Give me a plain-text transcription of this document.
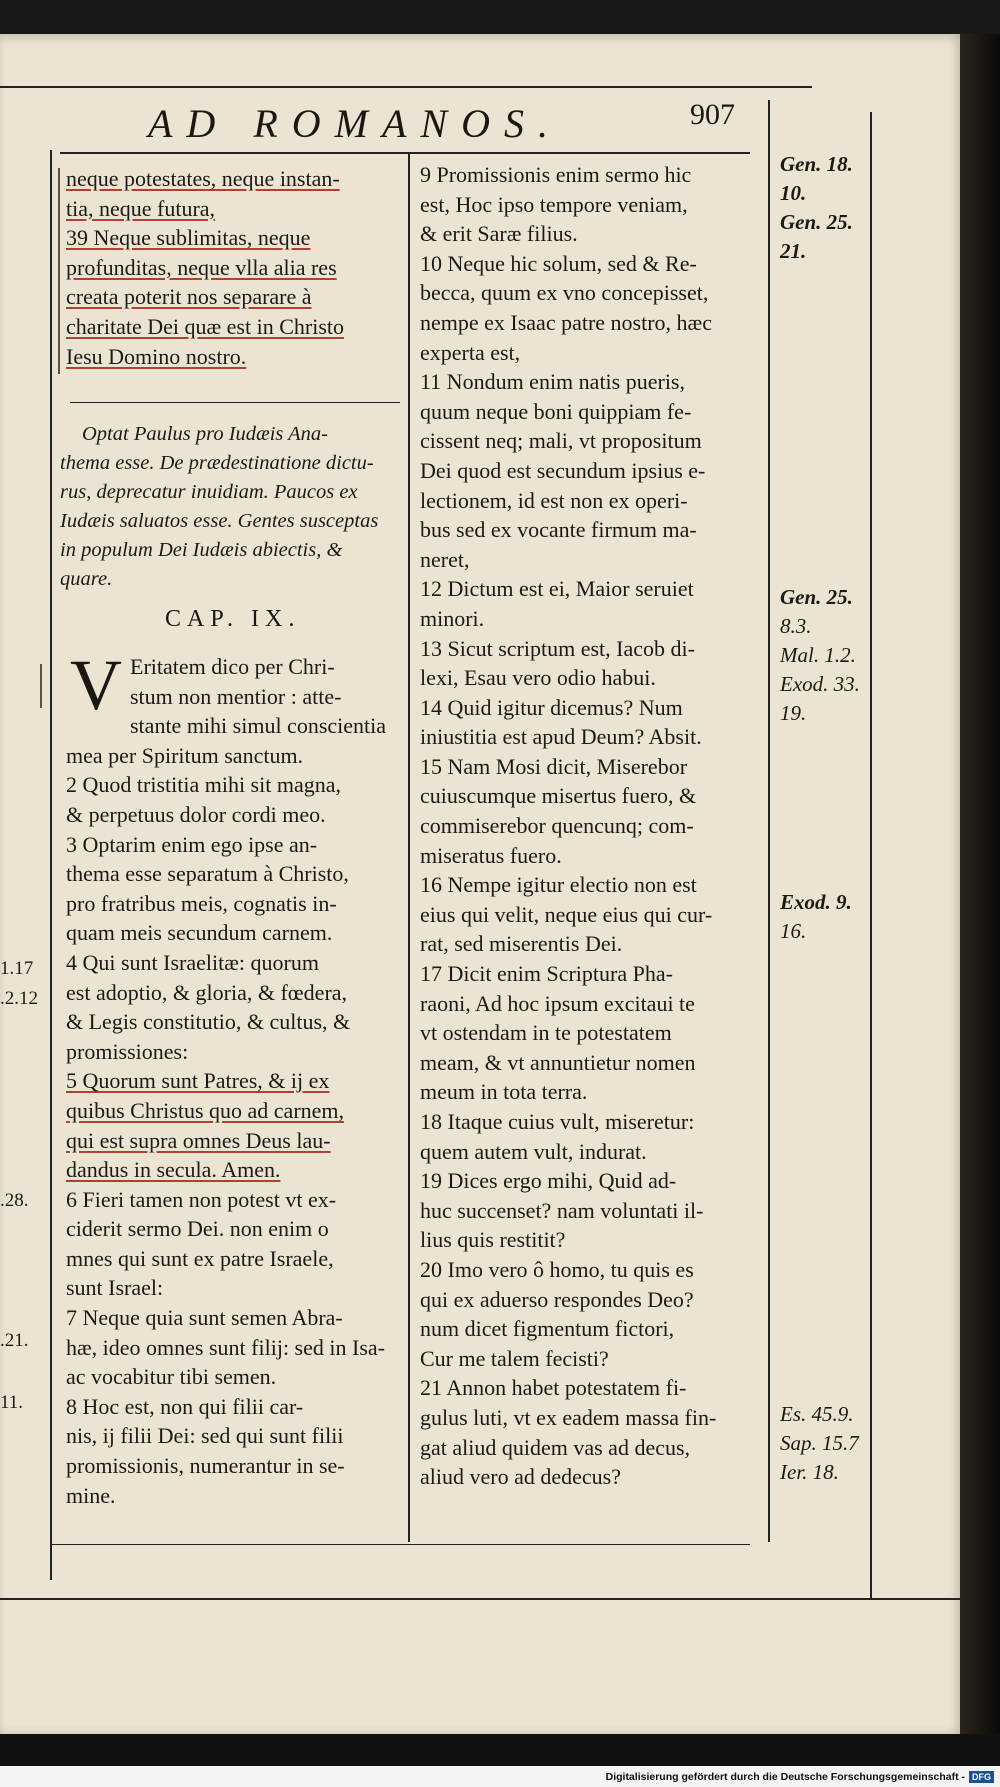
AD ROMANOS.	907

neque potestates, neque instan-

tia, neque futura,

39 Neque sublimitas, neque

profunditas, neque vlla alia res

creata poterit nos separare à

charitate Dei quæ est in Christo

Iesu Domino nostro.

Optat Paulus pro Iudæis Ana-

thema esse. De prædestinatione dictu-

rus, deprecatur inuidiam. Paucos ex

Iudæis saluatos esse. Gentes susceptas

in populum Dei Iudæis abiectis, &

quare.

CAP. IX.
V Eritatem dico per Chri-

stum non mentior : atte-

stante mihi simul conscientia

mea per Spiritum sanctum.

2 Quod tristitia mihi sit magna,

& perpetuus dolor cordi meo.

3 Optarim enim ego ipse an-

thema esse separatum à Christo,

pro fratribus meis, cognatis in-

quam meis secundum carnem.

4 Qui sunt Israelitæ: quorum

est adoptio, & gloria, & fœdera,

& Legis constitutio, & cultus, &

promissiones:

5 Quorum sunt Patres, & ij ex

quibus Christus quo ad carnem,

qui est supra omnes Deus lau-

dandus in secula. Amen.

6 Fieri tamen non potest vt ex-

ciderit sermo Dei. non enim o

mnes qui sunt ex patre Israele,

sunt Israel:

7 Neque quia sunt semen Abra-

hæ, ideo omnes sunt filij: sed in Isa-

ac vocabitur tibi semen.

8 Hoc est, non qui filii car-

nis, ij filii Dei: sed qui sunt filii

promissionis, numerantur in se-

mine.

9 Promissionis enim sermo hic

est, Hoc ipso tempore veniam,

& erit Saræ filius.

10 Neque hic solum, sed & Re-

becca, quum ex vno concepisset,

nempe ex Isaac patre nostro, hæc

experta est,

11 Nondum enim natis pueris,

quum neque boni quippiam fe-

cissent neq; mali, vt propositum

Dei quod est secundum ipsius e-

lectionem, id est non ex operi-

bus sed ex vocante firmum ma-

neret,

12 Dictum est ei, Maior seruiet

minori.

13 Sicut scriptum est, Iacob di-

lexi, Esau vero odio habui.

14 Quid igitur dicemus? Num

iniustitia est apud Deum? Absit.

15 Nam Mosi dicit, Miserebor

cuiuscumque misertus fuero, &

commiserebor quencunq; com-

miseratus fuero.

16 Nempe igitur electio non est

eius qui velit, neque eius qui cur-

rat, sed miserentis Dei.

17 Dicit enim Scriptura Pha-

raoni, Ad hoc ipsum excitaui te

vt ostendam in te potestatem

meam, & vt annuntietur nomen

meum in tota terra.

18 Itaque cuius vult, miseretur:

quem autem vult, indurat.

19 Dices ergo mihi, Quid ad-

huc succenset? nam voluntati il-

lius quis restitit?

20 Imo vero ô homo, tu quis es

qui ex aduerso respondes Deo?

num dicet figmentum fictori,

Cur me talem fecisti?

21 Annon habet potestatem fi-

gulus luti, vt ex eadem massa fin-

gat aliud quidem vas ad decus,

aliud vero ad dedecus?

Gen. 18.
10.
Gen. 25.
21.
Gen. 25.
8.3.
Mal. 1.2.
Exod. 33.
19.
Exod. 9.
16.
Es. 45.9.
Sap. 15.7
Ier. 18.
1.17
.2.12
.28.
.21.
11.
Digitalisierung gefördert durch die Deutsche Forschungsgemeinschaft - DFG
